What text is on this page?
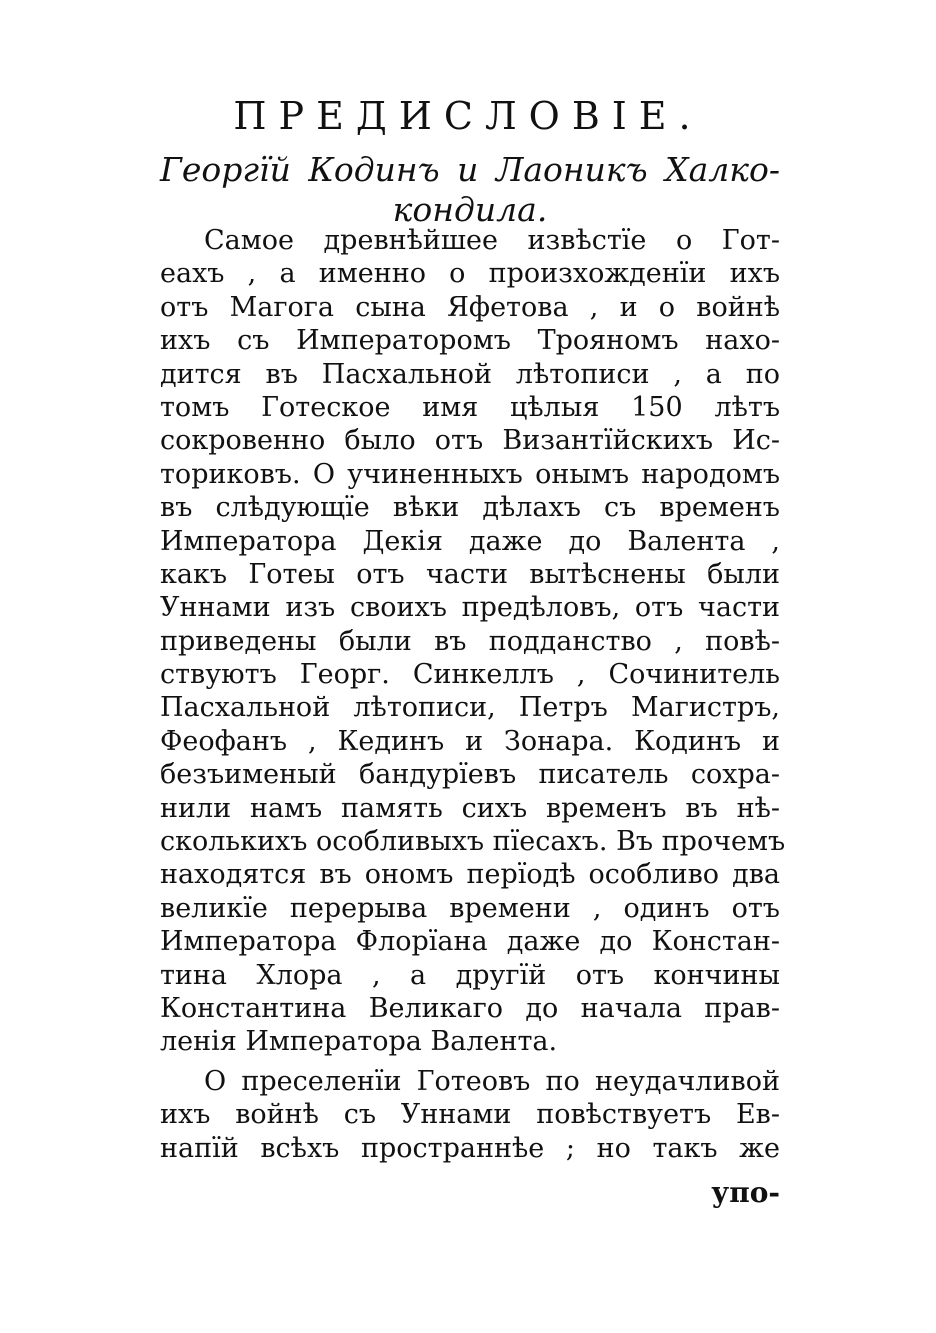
ПРЕДИСЛОВІЕ.
Георгїй Кодинъ и Лаоникъ Халко-
кондила.
Самое древнѣйшее извѣстїе о Гот-
еахъ , а именно о произхожденїи ихъ
отъ Магога сына Яфетова , и о войнѣ
ихъ съ Императоромъ Трояномъ нахо-
дится въ Пасхальной лѣтописи , а по
томъ Готеское имя цѣлыя 150 лѣтъ
сокровенно было отъ Византїйскихъ Ис-
ториковъ. О учиненныхъ онымъ народомъ
въ слѣдующїе вѣки дѣлахъ съ временъ
Императора Декія даже до Валента ,
какъ Готеы отъ части вытѣснены были
Уннами изъ своихъ предѣловъ, отъ части
приведены были въ подданство , повѣ-
ствуютъ Георг. Синкеллъ , Сочинитель
Пасхальной лѣтописи, Петръ Магистръ,
Феофанъ , Кединъ и Зонара. Кодинъ и
безъименый бандурїевъ писатель сохра-
нили намъ память сихъ временъ въ нѣ-
сколькихъ особливыхъ пїесахъ. Въ прочемъ
находятся въ ономъ перїодѣ особливо два
великїе перерыва времени , одинъ отъ
Императора Флорїана даже до Констан-
тина Хлора , а другїй отъ кончины
Константина Великаго до начала прав-
ленія Императора Валента.
О преселенїи Готеовъ по неудачливой
ихъ войнѣ съ Уннами повѣствуетъ Ев-
напїй всѣхъ пространнѣе ; но такъ же
упо-
